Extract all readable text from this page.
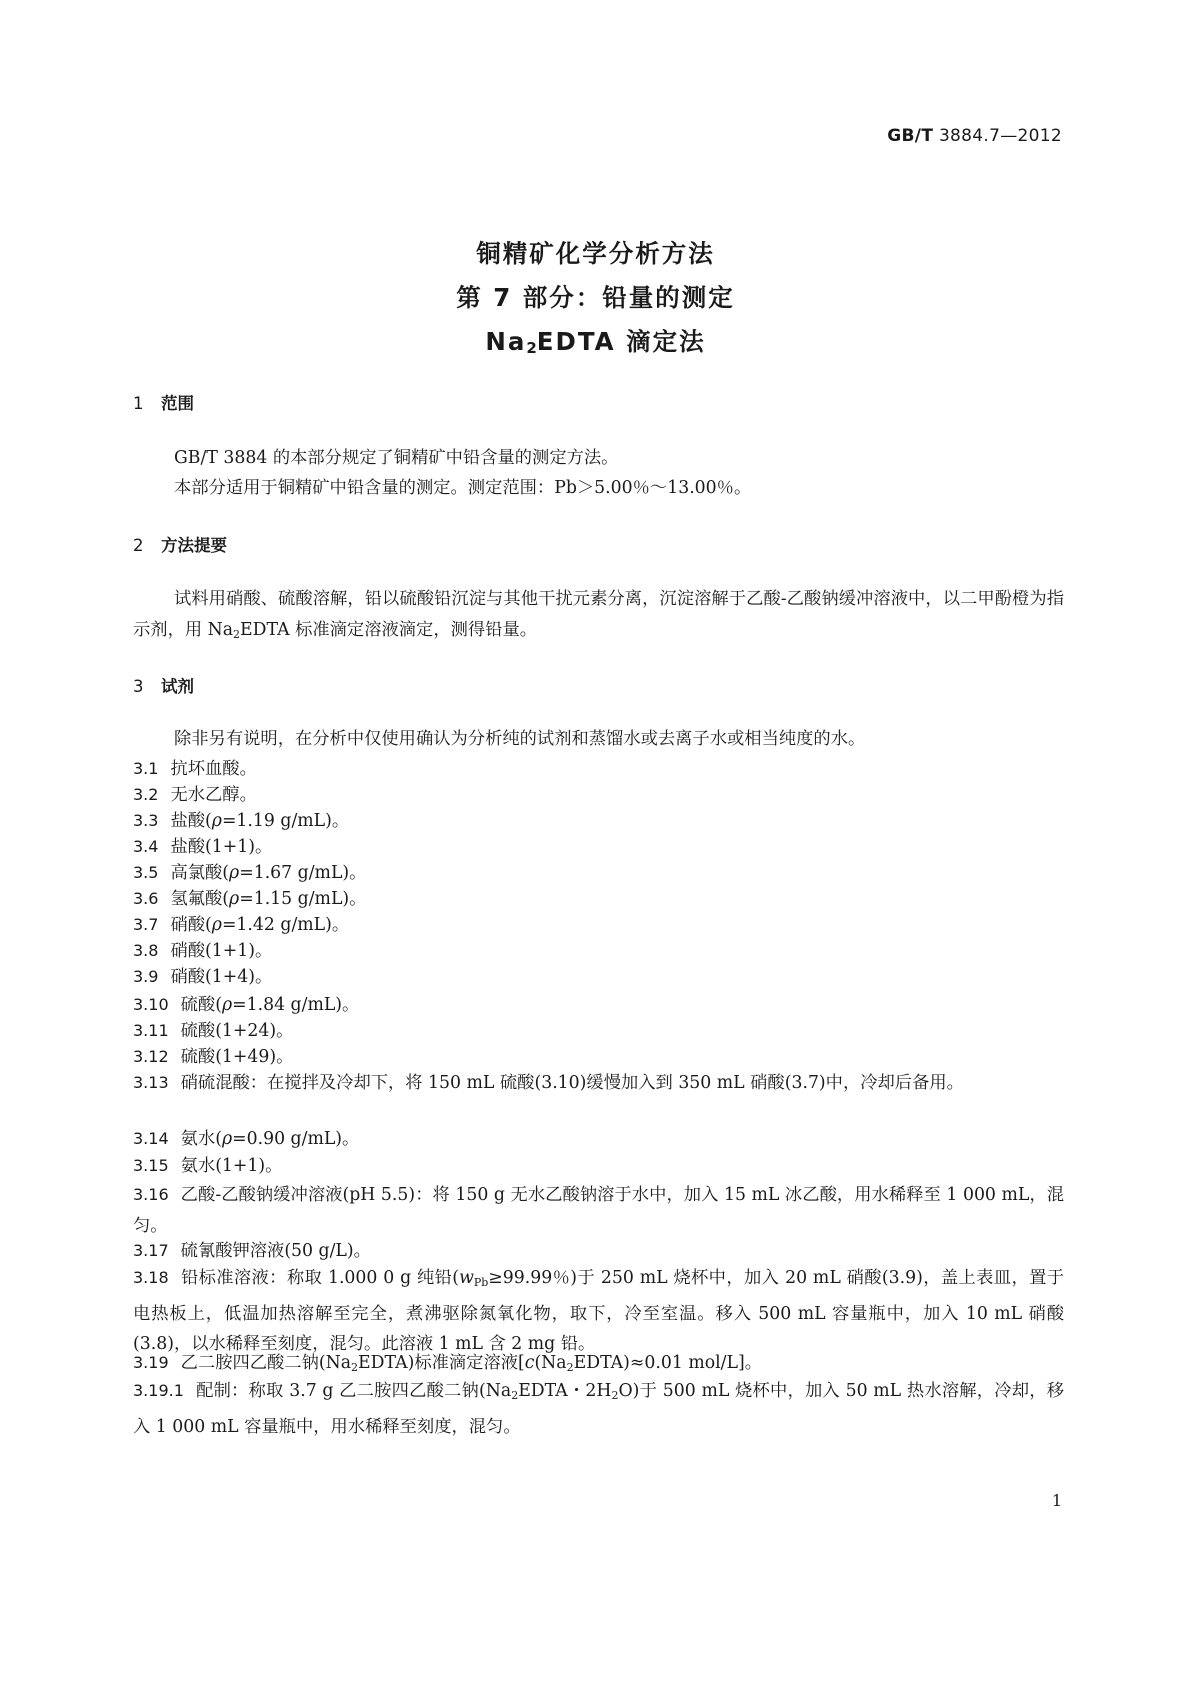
GB/T 3884.7—2012
铜精矿化学分析方法
第 7 部分：铅量的测定
$Na_2EDTA$ 滴定法
1 范围
GB/T 3884 的本部分规定了铜精矿中铅含量的测定方法。
本部分适用于铜精矿中铅含量的测定。测定范围：Pb＞5.00％～13.00％。
2 方法提要
试料用硝酸、硫酸溶解，铅以硫酸铅沉淀与其他干扰元素分离，沉淀溶解于乙酸-乙酸钠缓冲溶液中，以二甲酚橙为指示剂，用 $Na_2EDTA$ 标准滴定溶液滴定，测得铅量。
3 试剂
除非另有说明，在分析中仅使用确认为分析纯的试剂和蒸馏水或去离子水或相当纯度的水。
3.1 抗坏血酸。
3.2 无水乙醇。
3.3 盐酸(ρ=1.19 g/mL)。
3.4 盐酸(1+1)。
3.5 高氯酸(ρ=1.67 g/mL)。
3.6 氢氟酸(ρ=1.15 g/mL)。
3.7 硝酸(ρ=1.42 g/mL)。
3.8 硝酸(1+1)。
3.9 硝酸(1+4)。
3.10 硫酸(ρ=1.84 g/mL)。
3.11 硫酸(1+24)。
3.12 硫酸(1+49)。
3.13 硝硫混酸：在搅拌及冷却下，将 150 mL 硫酸(3.10)缓慢加入到 350 mL 硝酸(3.7)中，冷却后备用。
3.14 氨水(ρ=0.90 g/mL)。
3.15 氨水(1+1)。
3.16 乙酸-乙酸钠缓冲溶液(pH 5.5)：将 150 g 无水乙酸钠溶于水中，加入 15 mL 冰乙酸，用水稀释至 1 000 mL，混匀。
3.17 硫氰酸钾溶液(50 g/L)。
3.18 铅标准溶液：称取 1.000 0 g 纯铅($w_{Pb}\ge 99.99$％)于 250 mL 烧杯中，加入 20 mL 硝酸(3.9)，盖上表皿，置于电热板上，低温加热溶解至完全，煮沸驱除氮氧化物，取下，冷至室温。移入 500 mL 容量瓶中，加入 10 mL 硝酸(3.8)，以水稀释至刻度，混匀。此溶液 1 mL 含 2 mg 铅。
3.19 乙二胺四乙酸二钠$(Na_2EDTA)$标准滴定溶液[$c(Na_2EDTA)\approx 0.01$ mol/L]。
3.19.1 配制：称取 3.7 g 乙二胺四乙酸二钠($Na_2EDTA$・$2H_2O$)于 500 mL 烧杯中，加入 50 mL 热水溶解，冷却，移入 1 000 mL 容量瓶中，用水稀释至刻度，混匀。
1
